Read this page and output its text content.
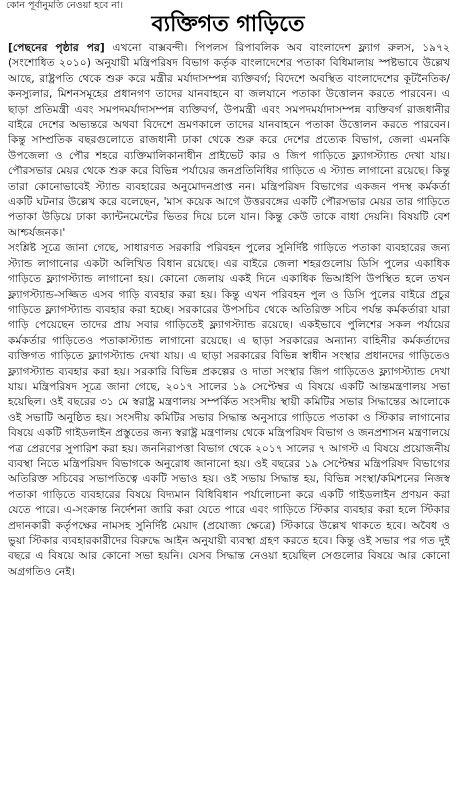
কোন পূর্বানুমতি নেওয়া হবে না।
ব্যক্তিগত গাড়িতে

[পেছনের পৃষ্ঠার পর] এখনো বাক্সবন্দী। পিপলস রিপাবলিক অব বাংলাদেশ ফ্ল্যাগ রুলস, ১৯৭২ (সংশোধিত ২০১০) অনুযায়ী মন্ত্রিপরিষদ বিভাগ কর্তৃক বাংলাদেশের পতাকা বিধিমালায় স্পষ্টভাবে উল্লেখ আছে, রাষ্ট্রপতি থেকে শুরু করে মন্ত্রীর মর্যাদাসম্পন্ন ব্যক্তিবর্গ; বিদেশে অবস্থিত বাংলাদেশের কূটনৈতিক/কনস্যুলার, মিশনসমূহের প্রধানগণ তাদের যানবাহনে বা জলযানে পতাকা উত্তোলন করতে পারবেন। এ ছাড়া প্রতিমন্ত্রী এবং সমপদমর্যাদাসম্পন্ন ব্যক্তিবর্গ, উপমন্ত্রী এবং সমপদমর্যাদাসম্পন্ন ব্যক্তিবর্গ রাজধানীর বাইরে দেশের অভ্যন্তরে অথবা বিদেশে ভ্রমণকালে তাদের যানবাহনে পতাকা উত্তোলন করতে পারবেন। কিন্তু সাম্প্রতিক বছরগুলোতে রাজধানী ঢাকা থেকে শুরু করে দেশের প্রত্যেক বিভাগ, জেলা এমনকি উপজেলা ও পৌর শহরে ব্যক্তিমালিকানাধীন প্রাইভেট কার ও জিপ গাড়িতে ফ্ল্যাগস্ট্যান্ড দেখা যায়। পৌরসভার মেয়র থেকে শুরু করে বিভিন্ন পর্যায়ের জনপ্রতিনিধির গাড়িতে এ স্ট্যান্ড লাগানো রয়েছে। কিন্তু তারা কোনোভাবেই স্ট্যান্ড ব্যবহারের অনুমোদনপ্রাপ্ত নন। মন্ত্রিপরিষদ বিভাগের একজন পদস্থ কর্মকর্তা একটি ঘটনার উল্লেখ করে বলেছেন, 'মাস কয়েক আগে উত্তরবঙ্গের একটি পৌরসভার মেয়র তার গাড়িতে পতাকা উড়িয়ে ঢাকা ক্যান্টনমেন্টের ভিতর দিয়ে চলে যান। কিন্তু কেউ তাকে বাধা দেয়নি। বিষয়টি বেশ আশ্চর্যজনক।'

সংশ্লিষ্ট সূত্রে জানা গেছে, সাধারণত সরকারি পরিবহন পুলের সুনির্দিষ্ট গাড়িতে পতাকা ব্যবহারের জন্য স্ট্যান্ড লাগানোর একটা অলিখিত বিধান রয়েছে। এর বাইরে জেলা শহরগুলোয় ডিসি পুলের একাধিক গাড়িতে ফ্ল্যাগস্ট্যান্ড লাগানো হয়। কোনো জেলায় একই দিনে একাধিক ভিআইপি উপস্থিত হলে তখন ফ্ল্যাগস্ট্যান্ড-সজ্জিত এসব গাড়ি ব্যবহার করা হয়। কিন্তু এখন পরিবহন পুল ও ডিসি পুলের বাইরে প্রচুর গাড়িতে ফ্ল্যাগস্ট্যান্ড ব্যবহার করা হচ্ছে। সরকারের উপসচিব থেকে অতিরিক্ত সচিব পর্যন্ত কর্মকর্তারা যারা গাড়ি পেয়েছেন তাদের প্রায় সবার গাড়িতেই ফ্ল্যাগস্ট্যান্ড রয়েছে। একইভাবে পুলিশের সকল পর্যায়ের কর্মকর্তার গাড়িতেও পতাকাস্ট্যান্ড লাগানো রয়েছে। এ ছাড়া সরকারের অন্যান্য বাহিনীর কর্মকর্তাদের ব্যক্তিগত গাড়িতে ফ্ল্যাগস্ট্যান্ড দেখা যায়। এ ছাড়া সরকারের বিভিন্ন স্বাধীন সংস্থার প্রধানদের গাড়িতেও ফ্ল্যাগস্ট্যান্ড ব্যবহার করা হয়। সরকারি বিভিন্ন প্রকল্পের ও দাতা সংস্থার জিপ গাড়িতেও ফ্ল্যাগস্ট্যান্ড দেখা যায়। মন্ত্রিপরিষদ সূত্রে জানা গেছে, ২০১৭ সালের ১৯ সেপ্টেম্বর এ বিষয়ে একটি আন্তমন্ত্রণালয় সভা হয়েছিল। ওই বছরের ৩১ মে স্বরাষ্ট্র মন্ত্রণালয় সম্পর্কিত সংসদীয় স্থায়ী কমিটির সভার সিদ্ধান্তের আলোকে ওই সভাটি অনুষ্ঠিত হয়। সংসদীয় কমিটির সভার সিদ্ধান্ত অনুসারে গাড়িতে পতাকা ও স্টিকার লাগানোর বিষয়ে একটি গাইডলাইন প্রস্তুতের জন্য স্বরাষ্ট্র মন্ত্রণালয় থেকে মন্ত্রিপরিষদ বিভাগ ও জনপ্রশাসন মন্ত্রণালয়ে পত্র প্রেরণের সুপারিশ করা হয়। জননিরাপত্তা বিভাগ থেকে ২০১৭ সালের ৭ আগস্ট এ বিষয়ে প্রয়োজনীয় ব্যবস্থা নিতে মন্ত্রিপরিষদ বিভাগকে অনুরোধ জানানো হয়। ওই বছরের ১৯ সেপ্টেম্বর মন্ত্রিপরিষদ বিভাগের অতিরিক্ত সচিবের সভাপতিত্বে একটি সভাও হয়। ওই সভায় সিদ্ধান্ত হয়, বিভিন্ন সংস্থা/কমিশনের নিজস্ব পতাকা গাড়িতে ব্যবহারের বিষয়ে বিদ্যমান বিধিবিধান পর্যালোচনা করে একটি গাইডলাইন প্রণয়ন করা যেতে পারে। এ-সংক্রান্ত নির্দেশনা জারি করা যেতে পারে এবং গাড়িতে স্টিকার ব্যবহার করা হলে স্টিকার প্রদানকারী কর্তৃপক্ষের নামসহ সুনির্দিষ্ট মেয়াদ (প্রযোজ্য ক্ষেত্রে) স্টিকারে উল্লেখ থাকতে হবে। অবৈধ ও ভুয়া স্টিকার ব্যবহারকারীদের বিরুদ্ধে আইন অনুযায়ী ব্যবস্থা গ্রহণ করতে হবে। কিন্তু ওই সভার পর গত দুই বছরে এ বিষয়ে আর কোনো সভা হয়নি। যেসব সিদ্ধান্ত নেওয়া হয়েছিল সেগুলোর বিষয়ে আর কোনো অগ্রগতিও নেই।
